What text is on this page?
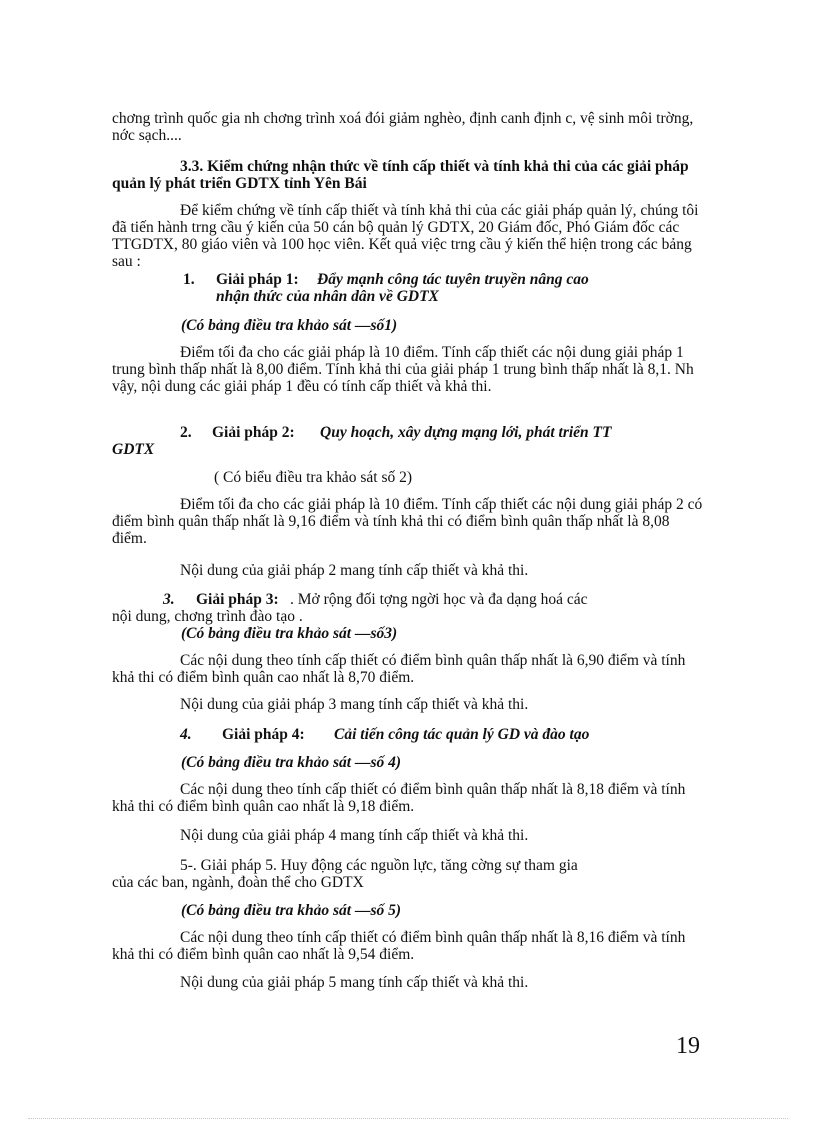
chơng trình quốc gia nh chơng trình xoá đói giảm nghèo, định canh định c, vệ sinh môi trờng, nớc sạch....

3.3. Kiểm chứng nhận thức về tính cấp thiết và tính khả thi của các giải pháp quản lý phát triển GDTX tỉnh Yên Bái

Để kiểm chứng về tính cấp thiết và tính khả thi của các giải pháp quản lý, chúng tôi đã tiến hành trng cầu ý kiến của 50 cán bộ quản lý GDTX, 20 Giám đốc, Phó Giám đốc các TTGDTX, 80 giáo viên và 100 học viên. Kết quả việc trng cầu ý kiến thể hiện trong các bảng sau :

1. Giải pháp 1: Đẩy mạnh công tác tuyên truyền nâng cao
nhận thức của nhân dân về GDTX
(Có bảng điều tra khảo sát —số1)

Điểm tối đa cho các giải pháp là 10 điểm. Tính cấp thiết các nội dung giải pháp 1 trung bình thấp nhất là 8,00 điểm. Tính khả thi của giải pháp 1 trung bình thấp nhất là 8,1. Nh vậy, nội dung các giải pháp 1 đều có tính cấp thiết và khả thi.

2. Giải pháp 2: Quy hoạch, xây dựng mạng lới, phát triển TT
GDTX
( Có biểu điều tra khảo sát số 2)

Điểm tối đa cho các giải pháp là 10 điểm. Tính cấp thiết các nội dung giải pháp 2 có điểm bình quân thấp nhất là 9,16 điểm và tính khả thi có điểm bình quân thấp nhất là 8,08 điểm.

Nội dung của giải pháp 2 mang tính cấp thiết và khả thi.
3. Giải pháp 3: . Mở rộng đối tợng ngời học và đa dạng hoá các
nội dung, chơng trình đào tạo .
(Có bảng điều tra khảo sát —số3)

Các nội dung theo tính cấp thiết có điểm bình quân thấp nhất là 6,90 điểm và tính khả thi có điểm bình quân cao nhất là 8,70 điểm.

Nội dung của giải pháp 3 mang tính cấp thiết và khả thi.
4. Giải pháp 4: Cải tiến công tác quản lý GD và đào tạo
(Có bảng điều tra khảo sát —số 4)

Các nội dung theo tính cấp thiết có điểm bình quân thấp nhất là 8,18 điểm và tính khả thi có điểm bình quân cao nhất là 9,18 điểm.

Nội dung của giải pháp 4 mang tính cấp thiết và khả thi.
5-. Giải pháp 5. Huy động các nguồn lực, tăng cờng sự tham gia
của các ban, ngành, đoàn thể cho GDTX
(Có bảng điều tra khảo sát —số 5)

Các nội dung theo tính cấp thiết có điểm bình quân thấp nhất là 8,16 điểm và tính khả thi có điểm bình quân cao nhất là 9,54 điểm.

Nội dung của giải pháp 5 mang tính cấp thiết và khả thi.
19
